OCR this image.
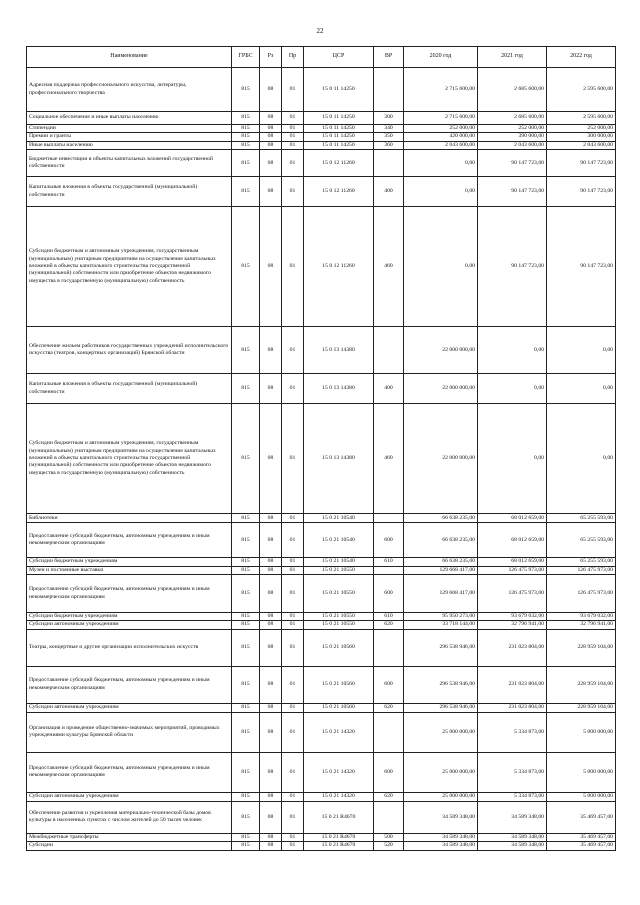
22
Наименование	ГРБС	Рз	Пр	ЦСР	ВР	2020 год	2021 год	2022 год
Адресная поддержка профессионального искусства, литературы, профессионального творчества	815	08	01	15 0 11 14250		2 715 600,00	2 685 600,00	2 595 600,00
Социальное обеспечение и иные выплаты населению	815	08	01	15 0 11 14250	300	2 715 600,00	2 685 600,00	2 595 600,00
Стипендии	815	08	01	15 0 11 14250	340	252 000,00	252 000,00	252 000,00
Премии и гранты	815	08	01	15 0 11 14250	350	420 000,00	390 000,00	300 000,00
Иные выплаты населению	815	08	01	15 0 11 14250	360	2 043 600,00	2 043 600,00	2 043 600,00
Бюджетные инвестиции в объекты капитальных вложений государственной собственности	815	08	01	15 0 12 11260		0,00	90 147 723,00	90 147 723,00
Капитальные вложения в объекты государственной (муниципальной) собственности	815	08	01	15 0 12 11260	400	0,00	90 147 723,00	90 147 723,00
Субсидии бюджетным и автономным учреждениям, государственным (муниципальным) унитарным предприятиям на осуществление капитальных вложений в объекты капитального строительства государственной (муниципальной) собственности или приобретение объектов недвижимого имущества в государственную (муниципальную) собственность	815	08	01	15 0 12 11260	460	0,00	90 147 723,00	90 147 723,00
Обеспечение жильем работников государственных учреждений исполнительского искусства (театров, концертных организаций) Брянской области	815	08	01	15 0 13 14380		22 000 000,00	0,00	0,00
Капитальные вложения в объекты государственной (муниципальной) собственности	815	08	01	15 0 13 14380	400	22 000 000,00	0,00	0,00
Субсидии бюджетным и автономным учреждениям, государственным (муниципальным) унитарным предприятиям на осуществление капитальных вложений в объекты капитального строительства государственной (муниципальной) собственности или приобретение объектов недвижимого имущества в государственную (муниципальную) собственность	815	08	01	15 0 13 14380	460	22 000 000,00	0,00	0,00
Библиотеки	815	08	01	15 0 21 10540		66 638 235,00	68 012 659,00	65 255 593,00
Предоставление субсидий бюджетным, автономным учреждениям и иным некоммерческим организациям	815	08	01	15 0 21 10540	600	66 638 235,00	68 012 659,00	65 255 593,00
Субсидии бюджетным учреждениям	815	08	01	15 0 21 10540	610	66 638 235,00	68 012 659,00	65 255 593,00
Музеи и постоянные выставки	815	08	01	15 0 21 10550		129 668 417,00	126 475 973,00	126 475 973,00
Предоставление субсидий бюджетным, автономным учреждениям и иным некоммерческим организациям	815	08	01	15 0 21 10550	600	129 668 417,00	126 475 973,00	126 475 973,00
Субсидии бюджетным учреждениям	815	08	01	15 0 21 10550	610	95 950 273,00	93 679 032,00	93 679 032,00
Субсидии автономным учреждениям	815	08	01	15 0 21 10550	620	33 718 144,00	32 796 941,00	32 796 941,00
Театры, концертные и другие организации исполнительских искусств	815	08	01	15 0 21 10560		296 538 946,00	231 023 804,00	228 959 104,00
Предоставление субсидий бюджетным, автономным учреждениям и иным некоммерческим организациям	815	08	01	15 0 21 10560	600	296 538 946,00	231 023 804,00	228 959 104,00
Субсидии автономным учреждениям	815	08	01	15 0 21 10560	620	296 538 946,00	231 023 804,00	228 959 104,00
Организация и проведение общественно-значимых мероприятий, проводимых учреждениями культуры Брянской области	815	08	01	15 0 21 14320		25 000 000,00	5 334 873,00	5 000 000,00
Предоставление субсидий бюджетным, автономным учреждениям и иным некоммерческим организациям	815	08	01	15 0 21 14320	600	25 000 000,00	5 334 873,00	5 000 000,00
Субсидии автономным учреждениям	815	08	01	15 0 21 14320	620	25 000 000,00	5 334 873,00	5 000 000,00
Обеспечение развития и укрепления материально-технической базы домов культуры в населенных пунктах с числом жителей до 50 тысяч человек	815	08	01	15 0 21 R4670		34 589 348,00	34 589 348,00	35 469 457,00
Межбюджетные трансферты	815	08	01	15 0 21 R4670	500	34 589 348,00	34 589 348,00	35 469 457,00
Субсидии	815	08	01	15 0 21 R4670	520	34 589 348,00	34 589 348,00	35 469 457,00
